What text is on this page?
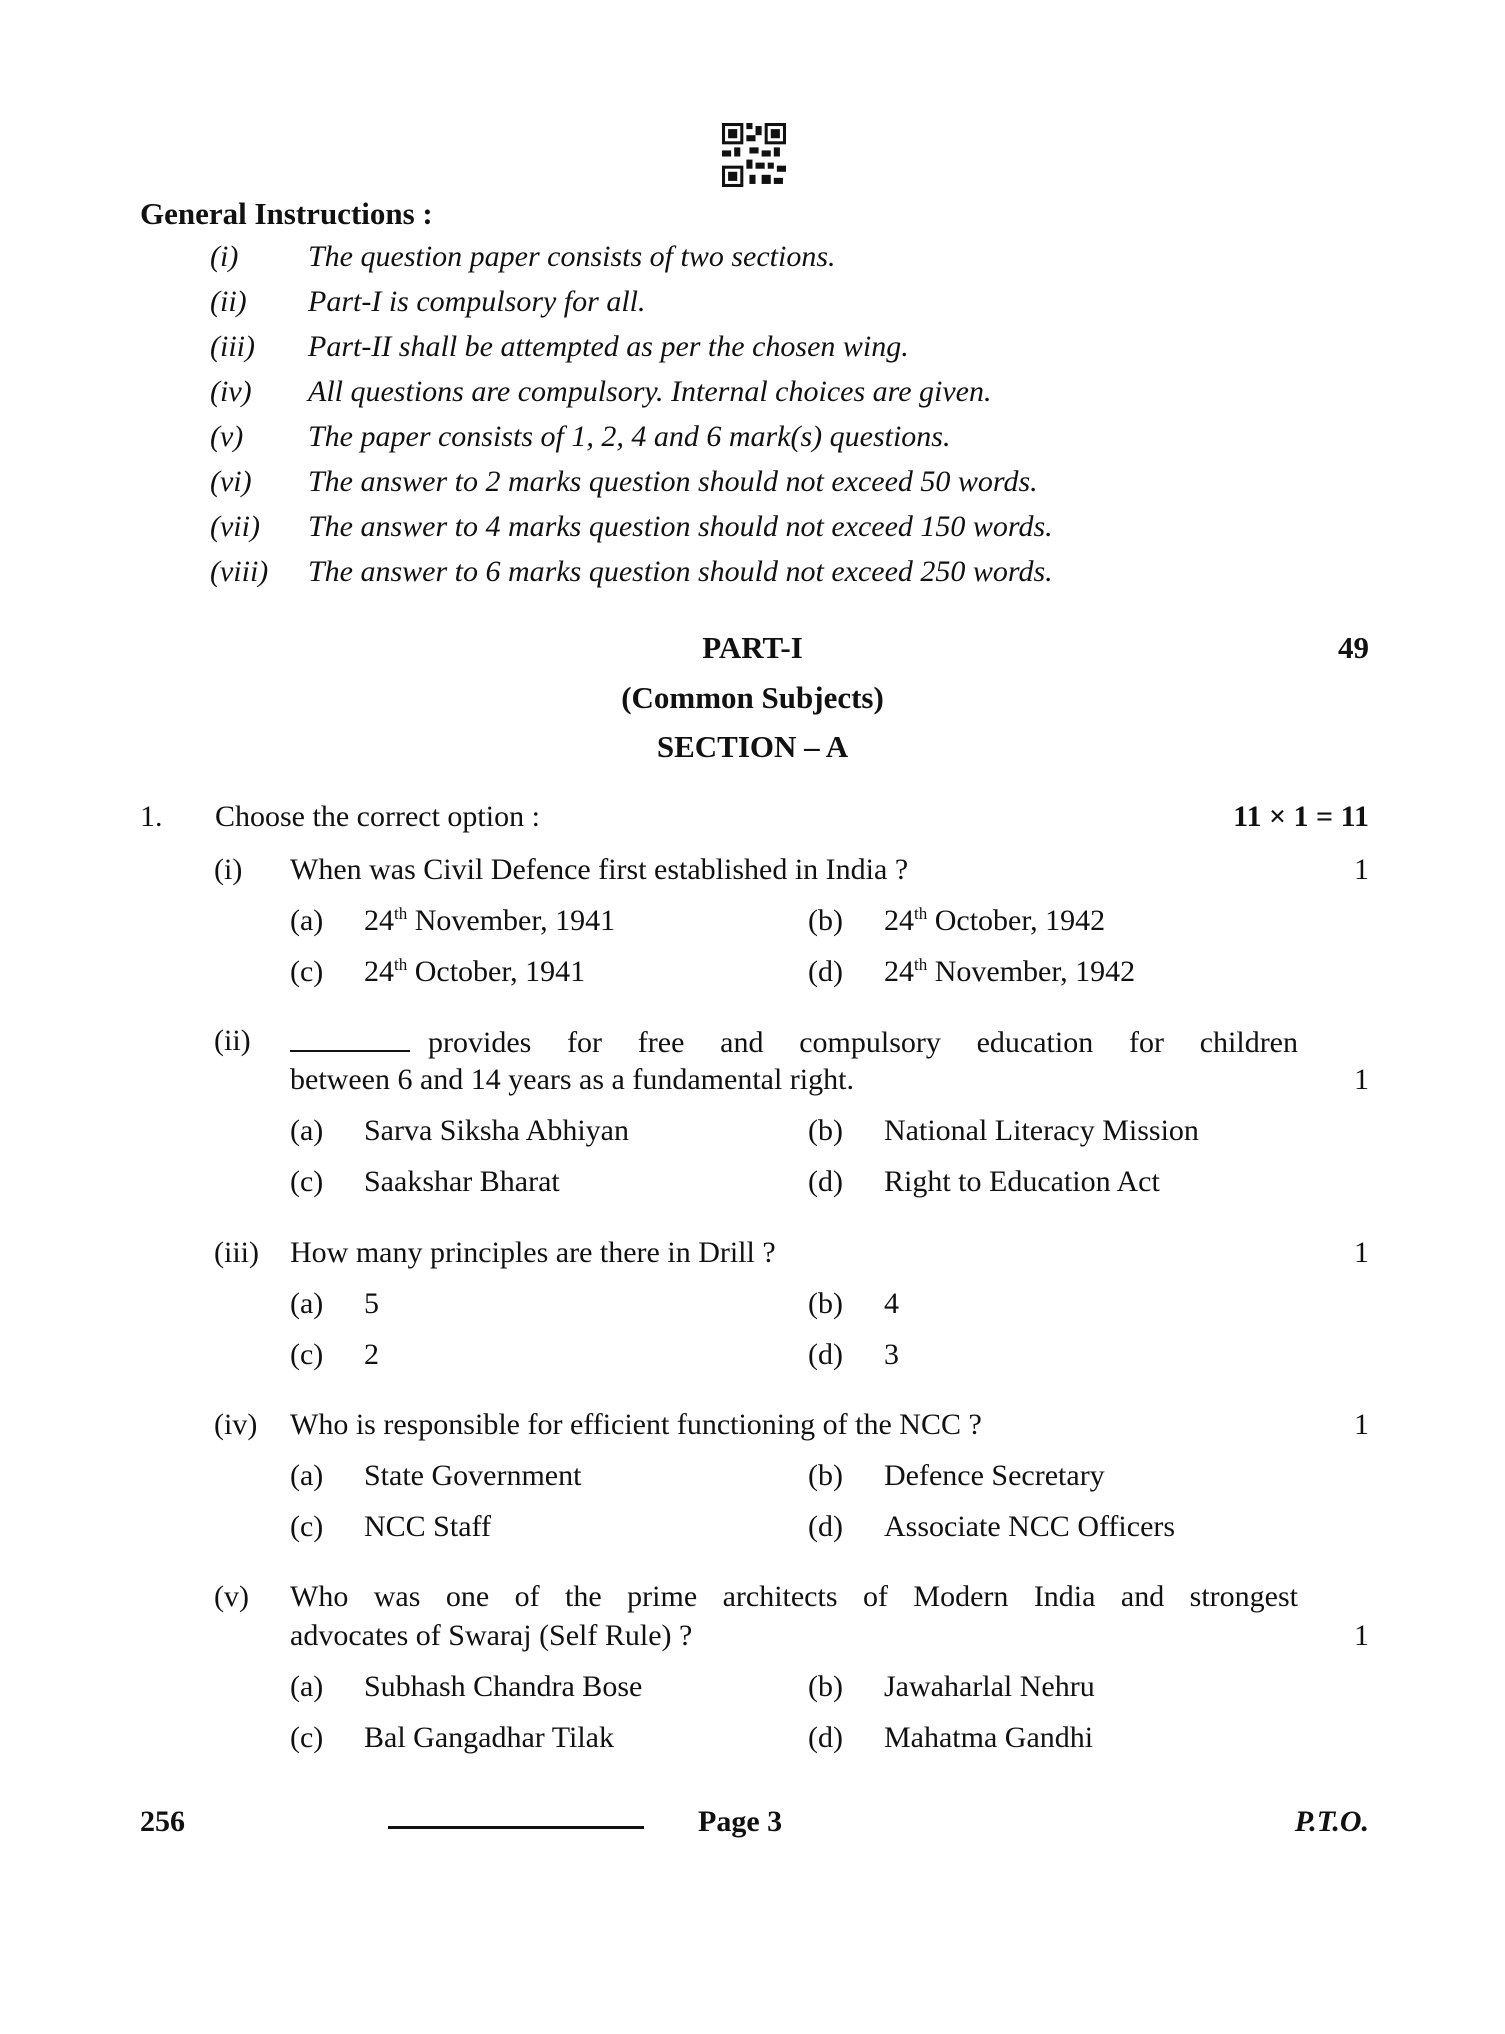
General Instructions :
(i)	The question paper consists of two sections.
(ii)	Part-I is compulsory for all.
(iii)	Part-II shall be attempted as per the chosen wing.
(iv)	All questions are compulsory. Internal choices are given.
(v)	The paper consists of 1, 2, 4 and 6 mark(s) questions.
(vi)	The answer to 2 marks question should not exceed 50 words.
(vii)	The answer to 4 marks question should not exceed 150 words.
(viii)	The answer to 6 marks question should not exceed 250 words.
PART-I	49
(Common Subjects)
SECTION – A
1. Choose the correct option :	11 × 1 = 11
(i) When was Civil Defence first established in India ?	1
(a) 24th November, 1941	(b) 24th October, 1942
(c) 24th October, 1941	(d) 24th November, 1942
(ii)	provides for free and compulsory education for children
between 6 and 14 years as a fundamental right.	1
(a) Sarva Siksha Abhiyan	(b) National Literacy Mission
(c) Saakshar Bharat	(d) Right to Education Act
(iii) How many principles are there in Drill ?	1
(a) 5	(b) 4
(c) 2	(d) 3
(iv) Who is responsible for efficient functioning of the NCC ?	1
(a) State Government	(b) Defence Secretary
(c) NCC Staff	(d) Associate NCC Officers
(v) Who was one of the prime architects of Modern India and strongest
advocates of Swaraj (Self Rule) ?	1
(a) Subhash Chandra Bose	(b) Jawaharlal Nehru
(c) Bal Gangadhar Tilak	(d) Mahatma Gandhi
256	Page 3	P.T.O.
